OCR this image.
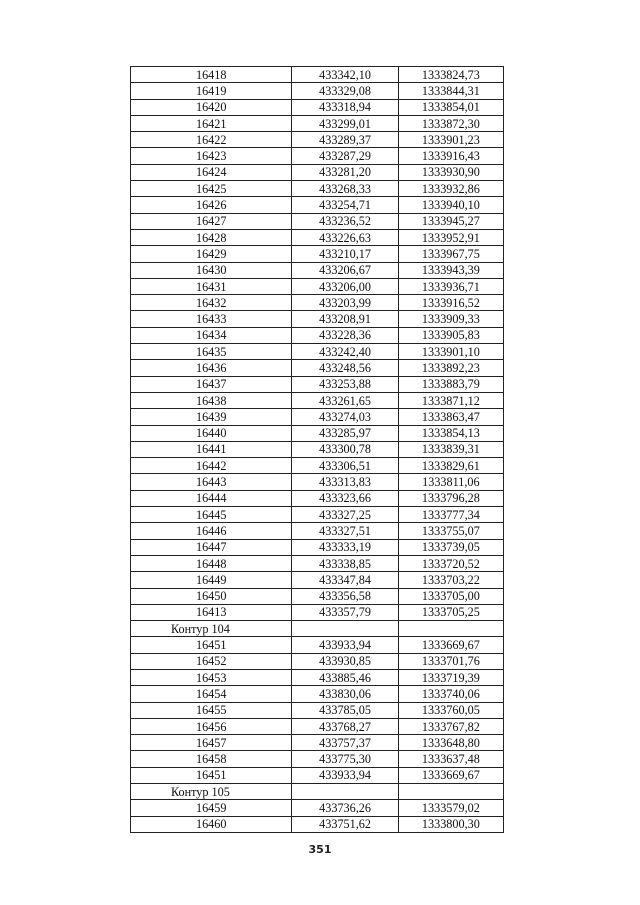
16418	433342,10	1333824,73
16419	433329,08	1333844,31
16420	433318,94	1333854,01
16421	433299,01	1333872,30
16422	433289,37	1333901,23
16423	433287,29	1333916,43
16424	433281,20	1333930,90
16425	433268,33	1333932,86
16426	433254,71	1333940,10
16427	433236,52	1333945,27
16428	433226,63	1333952,91
16429	433210,17	1333967,75
16430	433206,67	1333943,39
16431	433206,00	1333936,71
16432	433203,99	1333916,52
16433	433208,91	1333909,33
16434	433228,36	1333905,83
16435	433242,40	1333901,10
16436	433248,56	1333892,23
16437	433253,88	1333883,79
16438	433261,65	1333871,12
16439	433274,03	1333863,47
16440	433285,97	1333854,13
16441	433300,78	1333839,31
16442	433306,51	1333829,61
16443	433313,83	1333811,06
16444	433323,66	1333796,28
16445	433327,25	1333777,34
16446	433327,51	1333755,07
16447	433333,19	1333739,05
16448	433338,85	1333720,52
16449	433347,84	1333703,22
16450	433356,58	1333705,00
16413	433357,79	1333705,25
Контур 104		
16451	433933,94	1333669,67
16452	433930,85	1333701,76
16453	433885,46	1333719,39
16454	433830,06	1333740,06
16455	433785,05	1333760,05
16456	433768,27	1333767,82
16457	433757,37	1333648,80
16458	433775,30	1333637,48
16451	433933,94	1333669,67
Контур 105		
16459	433736,26	1333579,02
16460	433751,62	1333800,30
351
